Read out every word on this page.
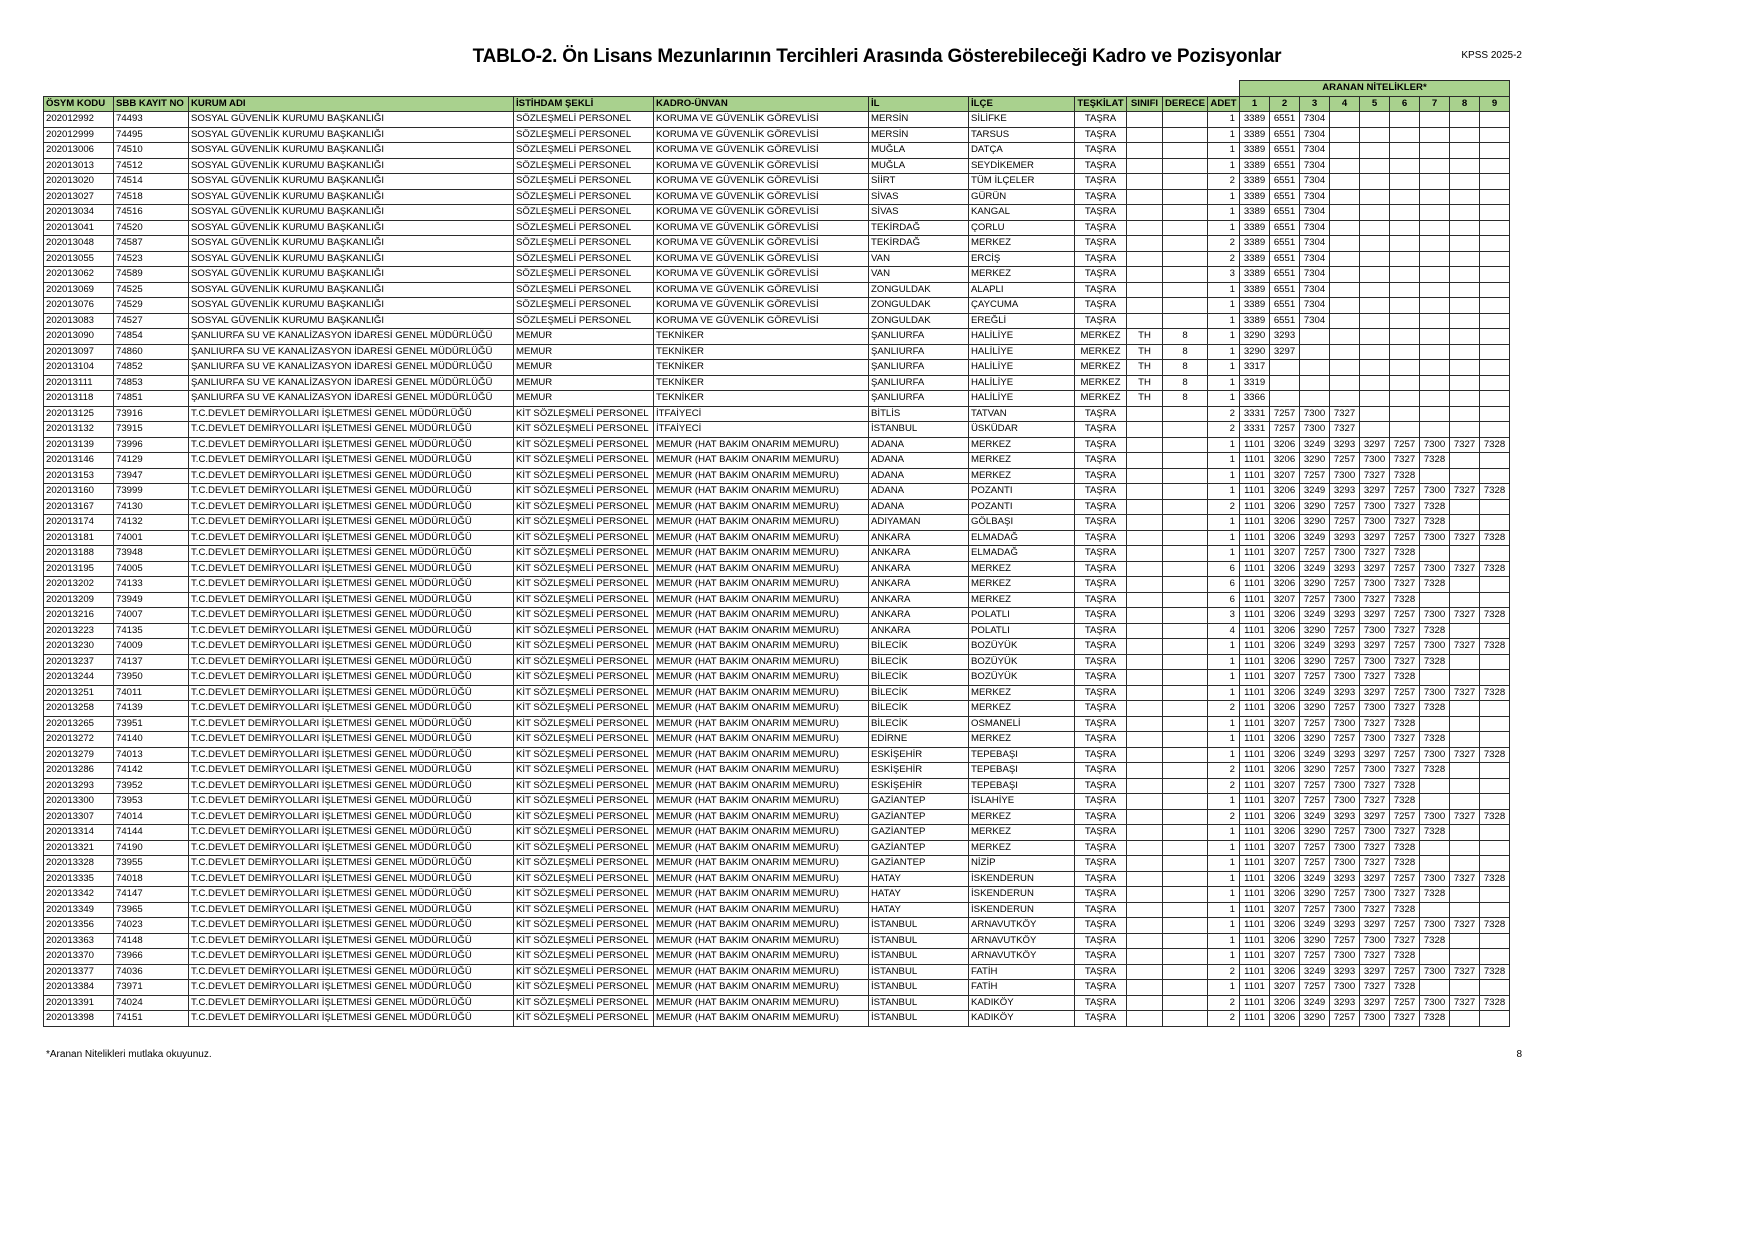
TABLO-2. Ön Lisans Mezunlarının Tercihleri Arasında Gösterebileceği Kadro ve Pozisyonlar	KPSS 2025-2
											ARANAN NİTELİKLER*								
ÖSYM KODU	SBB KAYIT NO	KURUM ADI	İSTİHDAM ŞEKLİ	KADRO-ÜNVAN	İL	İLÇE	TEŞKİLAT	SINIFI	DERECE	ADET	1	2	3	4	5	6	7	8	9
202012992	74493	SOSYAL GÜVENLİK KURUMU BAŞKANLIĞI	SÖZLEŞMELİ PERSONEL	KORUMA VE GÜVENLİK GÖREVLİSİ	MERSİN	SİLİFKE	TAŞRA			1	3389	6551	7304						
202012999	74495	SOSYAL GÜVENLİK KURUMU BAŞKANLIĞI	SÖZLEŞMELİ PERSONEL	KORUMA VE GÜVENLİK GÖREVLİSİ	MERSİN	TARSUS	TAŞRA			1	3389	6551	7304						
202013006	74510	SOSYAL GÜVENLİK KURUMU BAŞKANLIĞI	SÖZLEŞMELİ PERSONEL	KORUMA VE GÜVENLİK GÖREVLİSİ	MUĞLA	DATÇA	TAŞRA			1	3389	6551	7304						
202013013	74512	SOSYAL GÜVENLİK KURUMU BAŞKANLIĞI	SÖZLEŞMELİ PERSONEL	KORUMA VE GÜVENLİK GÖREVLİSİ	MUĞLA	SEYDİKEMER	TAŞRA			1	3389	6551	7304						
202013020	74514	SOSYAL GÜVENLİK KURUMU BAŞKANLIĞI	SÖZLEŞMELİ PERSONEL	KORUMA VE GÜVENLİK GÖREVLİSİ	SİİRT	TÜM İLÇELER	TAŞRA			2	3389	6551	7304						
202013027	74518	SOSYAL GÜVENLİK KURUMU BAŞKANLIĞI	SÖZLEŞMELİ PERSONEL	KORUMA VE GÜVENLİK GÖREVLİSİ	SİVAS	GÜRÜN	TAŞRA			1	3389	6551	7304						
202013034	74516	SOSYAL GÜVENLİK KURUMU BAŞKANLIĞI	SÖZLEŞMELİ PERSONEL	KORUMA VE GÜVENLİK GÖREVLİSİ	SİVAS	KANGAL	TAŞRA			1	3389	6551	7304						
202013041	74520	SOSYAL GÜVENLİK KURUMU BAŞKANLIĞI	SÖZLEŞMELİ PERSONEL	KORUMA VE GÜVENLİK GÖREVLİSİ	TEKİRDAĞ	ÇORLU	TAŞRA			1	3389	6551	7304						
202013048	74587	SOSYAL GÜVENLİK KURUMU BAŞKANLIĞI	SÖZLEŞMELİ PERSONEL	KORUMA VE GÜVENLİK GÖREVLİSİ	TEKİRDAĞ	MERKEZ	TAŞRA			2	3389	6551	7304						
202013055	74523	SOSYAL GÜVENLİK KURUMU BAŞKANLIĞI	SÖZLEŞMELİ PERSONEL	KORUMA VE GÜVENLİK GÖREVLİSİ	VAN	ERCİŞ	TAŞRA			2	3389	6551	7304						
202013062	74589	SOSYAL GÜVENLİK KURUMU BAŞKANLIĞI	SÖZLEŞMELİ PERSONEL	KORUMA VE GÜVENLİK GÖREVLİSİ	VAN	MERKEZ	TAŞRA			3	3389	6551	7304						
202013069	74525	SOSYAL GÜVENLİK KURUMU BAŞKANLIĞI	SÖZLEŞMELİ PERSONEL	KORUMA VE GÜVENLİK GÖREVLİSİ	ZONGULDAK	ALAPLI	TAŞRA			1	3389	6551	7304						
202013076	74529	SOSYAL GÜVENLİK KURUMU BAŞKANLIĞI	SÖZLEŞMELİ PERSONEL	KORUMA VE GÜVENLİK GÖREVLİSİ	ZONGULDAK	ÇAYCUMA	TAŞRA			1	3389	6551	7304						
202013083	74527	SOSYAL GÜVENLİK KURUMU BAŞKANLIĞI	SÖZLEŞMELİ PERSONEL	KORUMA VE GÜVENLİK GÖREVLİSİ	ZONGULDAK	EREĞLİ	TAŞRA			1	3389	6551	7304						
202013090	74854	ŞANLIURFA SU VE KANALİZASYON İDARESİ GENEL MÜDÜRLÜĞÜ	MEMUR	TEKNİKER	ŞANLIURFA	HALİLİYE	MERKEZ	TH	8	1	3290	3293							
202013097	74860	ŞANLIURFA SU VE KANALİZASYON İDARESİ GENEL MÜDÜRLÜĞÜ	MEMUR	TEKNİKER	ŞANLIURFA	HALİLİYE	MERKEZ	TH	8	1	3290	3297							
202013104	74852	ŞANLIURFA SU VE KANALİZASYON İDARESİ GENEL MÜDÜRLÜĞÜ	MEMUR	TEKNİKER	ŞANLIURFA	HALİLİYE	MERKEZ	TH	8	1	3317								
202013111	74853	ŞANLIURFA SU VE KANALİZASYON İDARESİ GENEL MÜDÜRLÜĞÜ	MEMUR	TEKNİKER	ŞANLIURFA	HALİLİYE	MERKEZ	TH	8	1	3319								
202013118	74851	ŞANLIURFA SU VE KANALİZASYON İDARESİ GENEL MÜDÜRLÜĞÜ	MEMUR	TEKNİKER	ŞANLIURFA	HALİLİYE	MERKEZ	TH	8	1	3366								
202013125	73916	T.C.DEVLET DEMİRYOLLARI İŞLETMESİ GENEL MÜDÜRLÜĞÜ	KİT SÖZLEŞMELİ PERSONEL	İTFAİYECİ	BİTLİS	TATVAN	TAŞRA			2	3331	7257	7300	7327					
202013132	73915	T.C.DEVLET DEMİRYOLLARI İŞLETMESİ GENEL MÜDÜRLÜĞÜ	KİT SÖZLEŞMELİ PERSONEL	İTFAİYECİ	İSTANBUL	ÜSKÜDAR	TAŞRA			2	3331	7257	7300	7327					
202013139	73996	T.C.DEVLET DEMİRYOLLARI İŞLETMESİ GENEL MÜDÜRLÜĞÜ	KİT SÖZLEŞMELİ PERSONEL	MEMUR (HAT BAKIM ONARIM MEMURU)	ADANA	MERKEZ	TAŞRA			1	1101	3206	3249	3293	3297	7257	7300	7327	7328
202013146	74129	T.C.DEVLET DEMİRYOLLARI İŞLETMESİ GENEL MÜDÜRLÜĞÜ	KİT SÖZLEŞMELİ PERSONEL	MEMUR (HAT BAKIM ONARIM MEMURU)	ADANA	MERKEZ	TAŞRA			1	1101	3206	3290	7257	7300	7327	7328		
202013153	73947	T.C.DEVLET DEMİRYOLLARI İŞLETMESİ GENEL MÜDÜRLÜĞÜ	KİT SÖZLEŞMELİ PERSONEL	MEMUR (HAT BAKIM ONARIM MEMURU)	ADANA	MERKEZ	TAŞRA			1	1101	3207	7257	7300	7327	7328			
202013160	73999	T.C.DEVLET DEMİRYOLLARI İŞLETMESİ GENEL MÜDÜRLÜĞÜ	KİT SÖZLEŞMELİ PERSONEL	MEMUR (HAT BAKIM ONARIM MEMURU)	ADANA	POZANTI	TAŞRA			1	1101	3206	3249	3293	3297	7257	7300	7327	7328
202013167	74130	T.C.DEVLET DEMİRYOLLARI İŞLETMESİ GENEL MÜDÜRLÜĞÜ	KİT SÖZLEŞMELİ PERSONEL	MEMUR (HAT BAKIM ONARIM MEMURU)	ADANA	POZANTI	TAŞRA			2	1101	3206	3290	7257	7300	7327	7328		
202013174	74132	T.C.DEVLET DEMİRYOLLARI İŞLETMESİ GENEL MÜDÜRLÜĞÜ	KİT SÖZLEŞMELİ PERSONEL	MEMUR (HAT BAKIM ONARIM MEMURU)	ADIYAMAN	GÖLBAŞI	TAŞRA			1	1101	3206	3290	7257	7300	7327	7328		
202013181	74001	T.C.DEVLET DEMİRYOLLARI İŞLETMESİ GENEL MÜDÜRLÜĞÜ	KİT SÖZLEŞMELİ PERSONEL	MEMUR (HAT BAKIM ONARIM MEMURU)	ANKARA	ELMADAĞ	TAŞRA			1	1101	3206	3249	3293	3297	7257	7300	7327	7328
202013188	73948	T.C.DEVLET DEMİRYOLLARI İŞLETMESİ GENEL MÜDÜRLÜĞÜ	KİT SÖZLEŞMELİ PERSONEL	MEMUR (HAT BAKIM ONARIM MEMURU)	ANKARA	ELMADAĞ	TAŞRA			1	1101	3207	7257	7300	7327	7328			
202013195	74005	T.C.DEVLET DEMİRYOLLARI İŞLETMESİ GENEL MÜDÜRLÜĞÜ	KİT SÖZLEŞMELİ PERSONEL	MEMUR (HAT BAKIM ONARIM MEMURU)	ANKARA	MERKEZ	TAŞRA			6	1101	3206	3249	3293	3297	7257	7300	7327	7328
202013202	74133	T.C.DEVLET DEMİRYOLLARI İŞLETMESİ GENEL MÜDÜRLÜĞÜ	KİT SÖZLEŞMELİ PERSONEL	MEMUR (HAT BAKIM ONARIM MEMURU)	ANKARA	MERKEZ	TAŞRA			6	1101	3206	3290	7257	7300	7327	7328		
202013209	73949	T.C.DEVLET DEMİRYOLLARI İŞLETMESİ GENEL MÜDÜRLÜĞÜ	KİT SÖZLEŞMELİ PERSONEL	MEMUR (HAT BAKIM ONARIM MEMURU)	ANKARA	MERKEZ	TAŞRA			6	1101	3207	7257	7300	7327	7328			
202013216	74007	T.C.DEVLET DEMİRYOLLARI İŞLETMESİ GENEL MÜDÜRLÜĞÜ	KİT SÖZLEŞMELİ PERSONEL	MEMUR (HAT BAKIM ONARIM MEMURU)	ANKARA	POLATLI	TAŞRA			3	1101	3206	3249	3293	3297	7257	7300	7327	7328
202013223	74135	T.C.DEVLET DEMİRYOLLARI İŞLETMESİ GENEL MÜDÜRLÜĞÜ	KİT SÖZLEŞMELİ PERSONEL	MEMUR (HAT BAKIM ONARIM MEMURU)	ANKARA	POLATLI	TAŞRA			4	1101	3206	3290	7257	7300	7327	7328		
202013230	74009	T.C.DEVLET DEMİRYOLLARI İŞLETMESİ GENEL MÜDÜRLÜĞÜ	KİT SÖZLEŞMELİ PERSONEL	MEMUR (HAT BAKIM ONARIM MEMURU)	BİLECİK	BOZÜYÜK	TAŞRA			1	1101	3206	3249	3293	3297	7257	7300	7327	7328
202013237	74137	T.C.DEVLET DEMİRYOLLARI İŞLETMESİ GENEL MÜDÜRLÜĞÜ	KİT SÖZLEŞMELİ PERSONEL	MEMUR (HAT BAKIM ONARIM MEMURU)	BİLECİK	BOZÜYÜK	TAŞRA			1	1101	3206	3290	7257	7300	7327	7328		
202013244	73950	T.C.DEVLET DEMİRYOLLARI İŞLETMESİ GENEL MÜDÜRLÜĞÜ	KİT SÖZLEŞMELİ PERSONEL	MEMUR (HAT BAKIM ONARIM MEMURU)	BİLECİK	BOZÜYÜK	TAŞRA			1	1101	3207	7257	7300	7327	7328			
202013251	74011	T.C.DEVLET DEMİRYOLLARI İŞLETMESİ GENEL MÜDÜRLÜĞÜ	KİT SÖZLEŞMELİ PERSONEL	MEMUR (HAT BAKIM ONARIM MEMURU)	BİLECİK	MERKEZ	TAŞRA			1	1101	3206	3249	3293	3297	7257	7300	7327	7328
202013258	74139	T.C.DEVLET DEMİRYOLLARI İŞLETMESİ GENEL MÜDÜRLÜĞÜ	KİT SÖZLEŞMELİ PERSONEL	MEMUR (HAT BAKIM ONARIM MEMURU)	BİLECİK	MERKEZ	TAŞRA			2	1101	3206	3290	7257	7300	7327	7328		
202013265	73951	T.C.DEVLET DEMİRYOLLARI İŞLETMESİ GENEL MÜDÜRLÜĞÜ	KİT SÖZLEŞMELİ PERSONEL	MEMUR (HAT BAKIM ONARIM MEMURU)	BİLECİK	OSMANELİ	TAŞRA			1	1101	3207	7257	7300	7327	7328			
202013272	74140	T.C.DEVLET DEMİRYOLLARI İŞLETMESİ GENEL MÜDÜRLÜĞÜ	KİT SÖZLEŞMELİ PERSONEL	MEMUR (HAT BAKIM ONARIM MEMURU)	EDİRNE	MERKEZ	TAŞRA			1	1101	3206	3290	7257	7300	7327	7328		
202013279	74013	T.C.DEVLET DEMİRYOLLARI İŞLETMESİ GENEL MÜDÜRLÜĞÜ	KİT SÖZLEŞMELİ PERSONEL	MEMUR (HAT BAKIM ONARIM MEMURU)	ESKİŞEHİR	TEPEBAŞI	TAŞRA			1	1101	3206	3249	3293	3297	7257	7300	7327	7328
202013286	74142	T.C.DEVLET DEMİRYOLLARI İŞLETMESİ GENEL MÜDÜRLÜĞÜ	KİT SÖZLEŞMELİ PERSONEL	MEMUR (HAT BAKIM ONARIM MEMURU)	ESKİŞEHİR	TEPEBAŞI	TAŞRA			2	1101	3206	3290	7257	7300	7327	7328		
202013293	73952	T.C.DEVLET DEMİRYOLLARI İŞLETMESİ GENEL MÜDÜRLÜĞÜ	KİT SÖZLEŞMELİ PERSONEL	MEMUR (HAT BAKIM ONARIM MEMURU)	ESKİŞEHİR	TEPEBAŞI	TAŞRA			2	1101	3207	7257	7300	7327	7328			
202013300	73953	T.C.DEVLET DEMİRYOLLARI İŞLETMESİ GENEL MÜDÜRLÜĞÜ	KİT SÖZLEŞMELİ PERSONEL	MEMUR (HAT BAKIM ONARIM MEMURU)	GAZİANTEP	İSLAHİYE	TAŞRA			1	1101	3207	7257	7300	7327	7328			
202013307	74014	T.C.DEVLET DEMİRYOLLARI İŞLETMESİ GENEL MÜDÜRLÜĞÜ	KİT SÖZLEŞMELİ PERSONEL	MEMUR (HAT BAKIM ONARIM MEMURU)	GAZİANTEP	MERKEZ	TAŞRA			2	1101	3206	3249	3293	3297	7257	7300	7327	7328
202013314	74144	T.C.DEVLET DEMİRYOLLARI İŞLETMESİ GENEL MÜDÜRLÜĞÜ	KİT SÖZLEŞMELİ PERSONEL	MEMUR (HAT BAKIM ONARIM MEMURU)	GAZİANTEP	MERKEZ	TAŞRA			1	1101	3206	3290	7257	7300	7327	7328		
202013321	74190	T.C.DEVLET DEMİRYOLLARI İŞLETMESİ GENEL MÜDÜRLÜĞÜ	KİT SÖZLEŞMELİ PERSONEL	MEMUR (HAT BAKIM ONARIM MEMURU)	GAZİANTEP	MERKEZ	TAŞRA			1	1101	3207	7257	7300	7327	7328			
202013328	73955	T.C.DEVLET DEMİRYOLLARI İŞLETMESİ GENEL MÜDÜRLÜĞÜ	KİT SÖZLEŞMELİ PERSONEL	MEMUR (HAT BAKIM ONARIM MEMURU)	GAZİANTEP	NİZİP	TAŞRA			1	1101	3207	7257	7300	7327	7328			
202013335	74018	T.C.DEVLET DEMİRYOLLARI İŞLETMESİ GENEL MÜDÜRLÜĞÜ	KİT SÖZLEŞMELİ PERSONEL	MEMUR (HAT BAKIM ONARIM MEMURU)	HATAY	İSKENDERUN	TAŞRA			1	1101	3206	3249	3293	3297	7257	7300	7327	7328
202013342	74147	T.C.DEVLET DEMİRYOLLARI İŞLETMESİ GENEL MÜDÜRLÜĞÜ	KİT SÖZLEŞMELİ PERSONEL	MEMUR (HAT BAKIM ONARIM MEMURU)	HATAY	İSKENDERUN	TAŞRA			1	1101	3206	3290	7257	7300	7327	7328		
202013349	73965	T.C.DEVLET DEMİRYOLLARI İŞLETMESİ GENEL MÜDÜRLÜĞÜ	KİT SÖZLEŞMELİ PERSONEL	MEMUR (HAT BAKIM ONARIM MEMURU)	HATAY	İSKENDERUN	TAŞRA			1	1101	3207	7257	7300	7327	7328			
202013356	74023	T.C.DEVLET DEMİRYOLLARI İŞLETMESİ GENEL MÜDÜRLÜĞÜ	KİT SÖZLEŞMELİ PERSONEL	MEMUR (HAT BAKIM ONARIM MEMURU)	İSTANBUL	ARNAVUTKÖY	TAŞRA			1	1101	3206	3249	3293	3297	7257	7300	7327	7328
202013363	74148	T.C.DEVLET DEMİRYOLLARI İŞLETMESİ GENEL MÜDÜRLÜĞÜ	KİT SÖZLEŞMELİ PERSONEL	MEMUR (HAT BAKIM ONARIM MEMURU)	İSTANBUL	ARNAVUTKÖY	TAŞRA			1	1101	3206	3290	7257	7300	7327	7328		
202013370	73966	T.C.DEVLET DEMİRYOLLARI İŞLETMESİ GENEL MÜDÜRLÜĞÜ	KİT SÖZLEŞMELİ PERSONEL	MEMUR (HAT BAKIM ONARIM MEMURU)	İSTANBUL	ARNAVUTKÖY	TAŞRA			1	1101	3207	7257	7300	7327	7328			
202013377	74036	T.C.DEVLET DEMİRYOLLARI İŞLETMESİ GENEL MÜDÜRLÜĞÜ	KİT SÖZLEŞMELİ PERSONEL	MEMUR (HAT BAKIM ONARIM MEMURU)	İSTANBUL	FATİH	TAŞRA			2	1101	3206	3249	3293	3297	7257	7300	7327	7328
202013384	73971	T.C.DEVLET DEMİRYOLLARI İŞLETMESİ GENEL MÜDÜRLÜĞÜ	KİT SÖZLEŞMELİ PERSONEL	MEMUR (HAT BAKIM ONARIM MEMURU)	İSTANBUL	FATİH	TAŞRA			1	1101	3207	7257	7300	7327	7328			
202013391	74024	T.C.DEVLET DEMİRYOLLARI İŞLETMESİ GENEL MÜDÜRLÜĞÜ	KİT SÖZLEŞMELİ PERSONEL	MEMUR (HAT BAKIM ONARIM MEMURU)	İSTANBUL	KADIKÖY	TAŞRA			2	1101	3206	3249	3293	3297	7257	7300	7327	7328
202013398	74151	T.C.DEVLET DEMİRYOLLARI İŞLETMESİ GENEL MÜDÜRLÜĞÜ	KİT SÖZLEŞMELİ PERSONEL	MEMUR (HAT BAKIM ONARIM MEMURU)	İSTANBUL	KADIKÖY	TAŞRA			2	1101	3206	3290	7257	7300	7327	7328		
*Aranan Nitelikleri mutlaka okuyunuz.	8
